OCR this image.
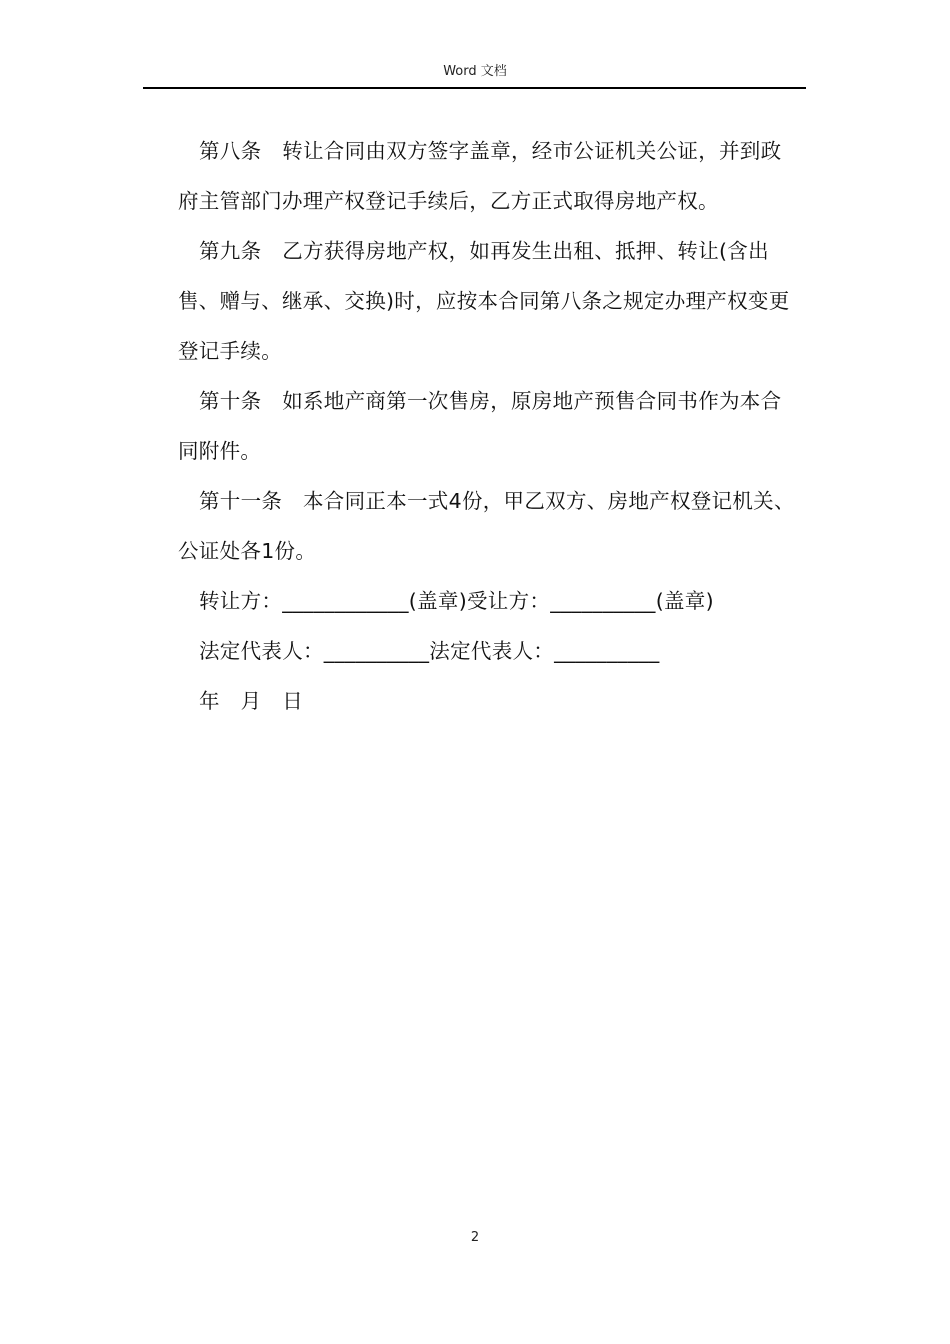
Word 文档

第八条　转让合同由双方签字盖章，经市公证机关公证，并到政府主管部门办理产权登记手续后，乙方正式取得房地产权。

第九条　乙方获得房地产权，如再发生出租、抵押、转让(含出售、赠与、继承、交换)时，应按本合同第八条之规定办理产权变更登记手续。

第十条　如系地产商第一次售房，原房地产预售合同书作为本合同附件。

第十一条　本合同正本一式4份，甲乙双方、房地产权登记机关、公证处各1份。

转让方：____________(盖章)受让方：__________(盖章)

法定代表人：__________法定代表人：__________

年　月　日

2
